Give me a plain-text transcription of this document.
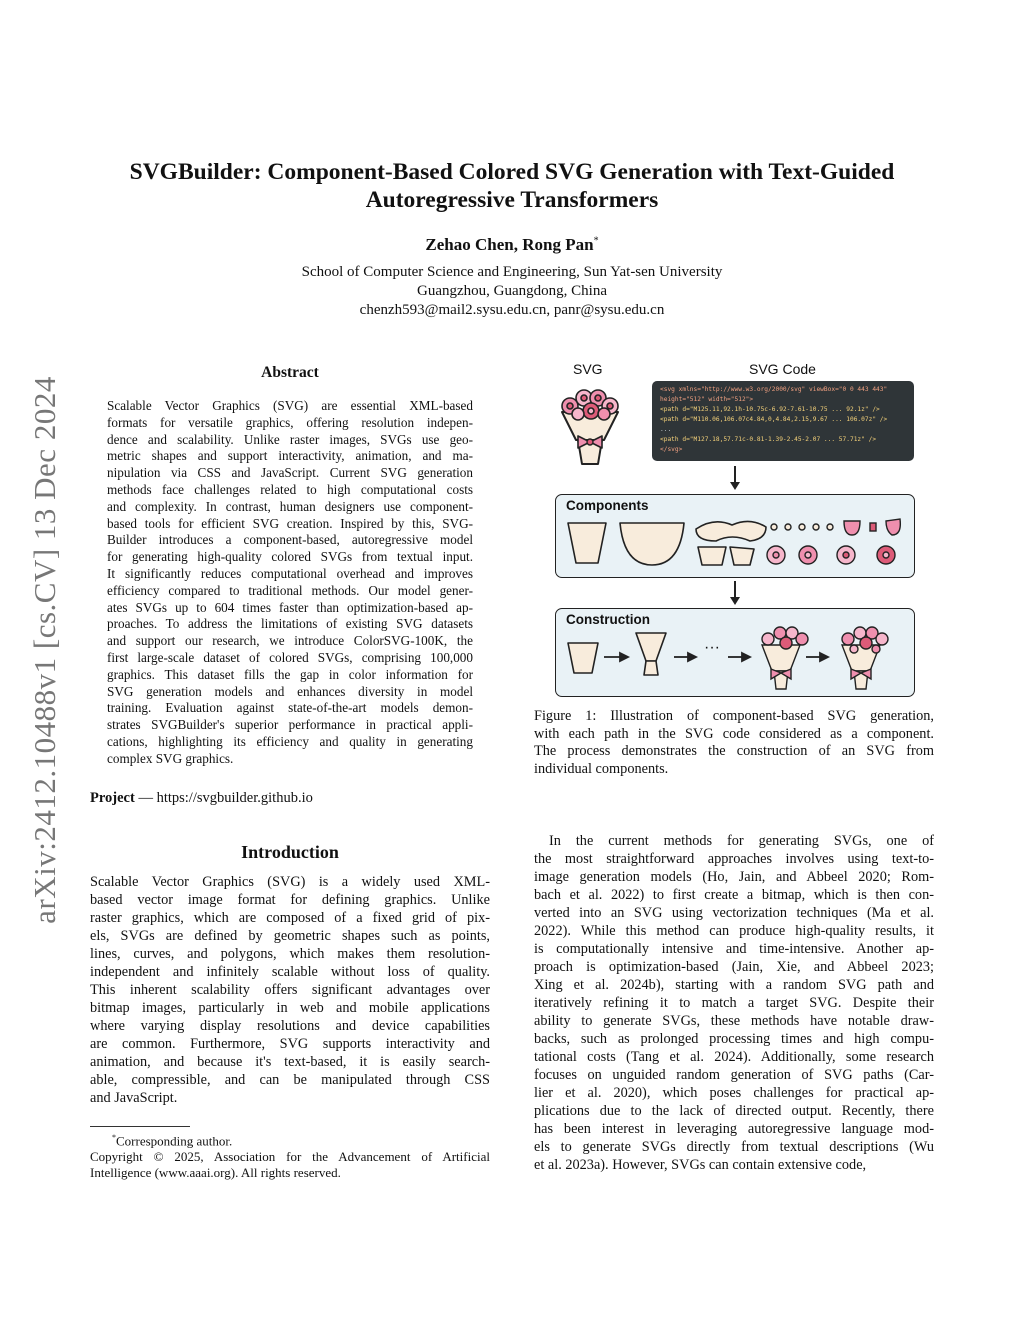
arXiv:2412.10488v1 [cs.CV] 13 Dec 2024
SVGBuilder: Component-Based Colored SVG Generation with Text-Guided
Autoregressive Transformers
Zehao Chen, Rong Pan*
School of Computer Science and Engineering, Sun Yat-sen University
Guangzhou, Guangdong, China
chenzh593@mail2.sysu.edu.cn, panr@sysu.edu.cn
Abstract
Scalable Vector Graphics (SVG) are essential XML-based
formats for versatile graphics, offering resolution indepen-
dence and scalability. Unlike raster images, SVGs use geo-
metric shapes and support interactivity, animation, and ma-
nipulation via CSS and JavaScript. Current SVG generation
methods face challenges related to high computational costs
and complexity. In contrast, human designers use component-
based tools for efficient SVG creation. Inspired by this, SVG-
Builder introduces a component-based, autoregressive model
for generating high-quality colored SVGs from textual input.
It significantly reduces computational overhead and improves
efficiency compared to traditional methods. Our model gener-
ates SVGs up to 604 times faster than optimization-based ap-
proaches. To address the limitations of existing SVG datasets
and support our research, we introduce ColorSVG-100K, the
first large-scale dataset of colored SVGs, comprising 100,000
graphics. This dataset fills the gap in color information for
SVG generation models and enhances diversity in model
training. Evaluation against state-of-the-art models demon-
strates SVGBuilder's superior performance in practical appli-
cations, highlighting its efficiency and quality in generating
complex SVG graphics.
Project — https://svgbuilder.github.io
Introduction
Scalable Vector Graphics (SVG) is a widely used XML-
based vector image format for defining graphics. Unlike
raster graphics, which are composed of a fixed grid of pix-
els, SVGs are defined by geometric shapes such as points,
lines, curves, and polygons, which makes them resolution-
independent and infinitely scalable without loss of quality.
This inherent scalability offers significant advantages over
bitmap images, particularly in web and mobile applications
where varying display resolutions and device capabilities
are common. Furthermore, SVG supports interactivity and
animation, and because it's text-based, it is easily search-
able, compressible, and can be manipulated through CSS
and JavaScript.
*Corresponding author.
Copyright © 2025, Association for the Advancement of Artificial
Intelligence (www.aaai.org). All rights reserved.
SVG	SVG Code
<svg xmlns="http://www.w3.org/2000/svg" viewBox="0 0 443 443"
height="512" width="512">
<path d="M125.11,92.1h-10.75c-6.92-7.61-10.75 ... 92.1z" />
<path d="M110.06,106.07c4.84,0,4.84,2.15,9.67 ... 106.07z" />
...
<path d="M127.18,57.71c-0.81-1.39-2.45-2.07 ... 57.71z" />
</svg>
Components
Construction
···
Figure 1: Illustration of component-based SVG generation,
with each path in the SVG code considered as a component.
The process demonstrates the construction of an SVG from
individual components.
In the current methods for generating SVGs, one of
the most straightforward approaches involves using text-to-
image generation models (Ho, Jain, and Abbeel 2020; Rom-
bach et al. 2022) to first create a bitmap, which is then con-
verted into an SVG using vectorization techniques (Ma et al.
2022). While this method can produce high-quality results, it
is computationally intensive and time-intensive. Another ap-
proach is optimization-based (Jain, Xie, and Abbeel 2023;
Xing et al. 2024b), starting with a random SVG path and
iteratively refining it to match a target SVG. Despite their
ability to generate SVGs, these methods have notable draw-
backs, such as prolonged processing times and high compu-
tational costs (Tang et al. 2024). Additionally, some research
focuses on unguided random generation of SVG paths (Car-
lier et al. 2020), which poses challenges for practical ap-
plications due to the lack of directed output. Recently, there
has been interest in leveraging autoregressive language mod-
els to generate SVGs directly from textual descriptions (Wu
et al. 2023a). However, SVGs can contain extensive code,
